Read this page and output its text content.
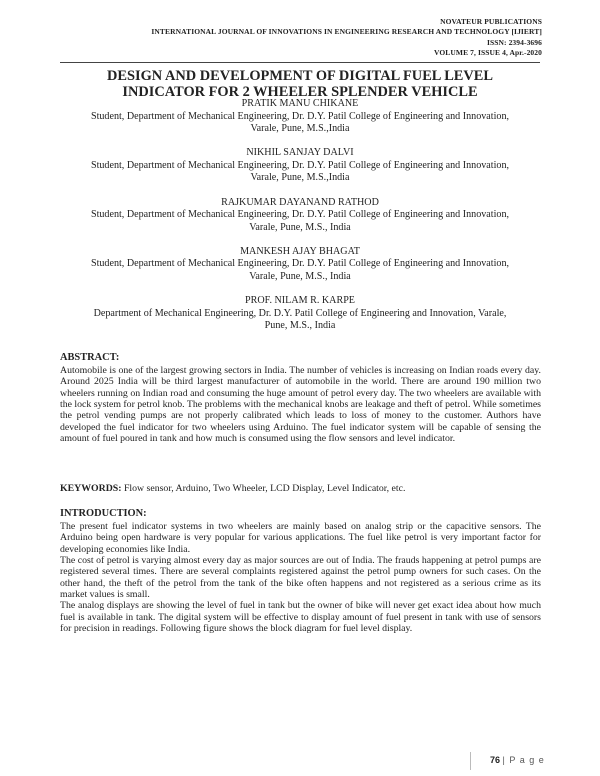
NOVATEUR PUBLICATIONS
INTERNATIONAL JOURNAL OF INNOVATIONS IN ENGINEERING RESEARCH AND TECHNOLOGY [IJIERT]
ISSN: 2394-3696
VOLUME 7, ISSUE 4, Apr.-2020
DESIGN AND DEVELOPMENT OF DIGITAL FUEL LEVEL
INDICATOR FOR 2 WHEELER SPLENDER VEHICLE
PRATIK MANU CHIKANE
Student, Department of Mechanical Engineering, Dr. D.Y. Patil College of Engineering and Innovation,
Varale, Pune, M.S.,India
NIKHIL SANJAY DALVI
Student, Department of Mechanical Engineering, Dr. D.Y. Patil College of Engineering and Innovation,
Varale, Pune, M.S.,India
RAJKUMAR DAYANAND RATHOD
Student, Department of Mechanical Engineering, Dr. D.Y. Patil College of Engineering and Innovation,
Varale, Pune, M.S., India
MANKESH AJAY BHAGAT
Student, Department of Mechanical Engineering, Dr. D.Y. Patil College of Engineering and Innovation,
Varale, Pune, M.S., India
PROF. NILAM R. KARPE
Department of Mechanical Engineering, Dr. D.Y. Patil College of Engineering and Innovation, Varale,
Pune, M.S., India
ABSTRACT:
Automobile is one of the largest growing sectors in India. The number of vehicles is increasing on Indian roads every day. Around 2025 India will be third largest manufacturer of automobile in the world. There are around 190 million two wheelers running on Indian road and consuming the huge amount of petrol every day. The two wheelers are available with the lock system for petrol knob. The problems with the mechanical knobs are leakage and theft of petrol. While sometimes the petrol vending pumps are not properly calibrated which leads to loss of money to the customer. Authors have developed the fuel indicator for two wheelers using Arduino. The fuel indicator system will be capable of sensing the amount of fuel poured in tank and how much is consumed using the flow sensors and level indicator.
KEYWORDS: Flow sensor, Arduino, Two Wheeler, LCD Display, Level Indicator, etc.
INTRODUCTION:

The present fuel indicator systems in two wheelers are mainly based on analog strip or the capacitive sensors. The Arduino being open hardware is very popular for various applications. The fuel like petrol is very important factor for developing economies like India.

The cost of petrol is varying almost every day as major sources are out of India. The frauds happening at petrol pumps are registered several times. There are several complaints registered against the petrol pump owners for such cases. On the other hand, the theft of the petrol from the tank of the bike often happens and not registered as a serious crime as its market values is small.

The analog displays are showing the level of fuel in tank but the owner of bike will never get exact idea about how much fuel is available in tank. The digital system will be effective to display amount of fuel present in tank with use of sensors for precision in readings. Following figure shows the block diagram for fuel level display.

76 | P a g e
